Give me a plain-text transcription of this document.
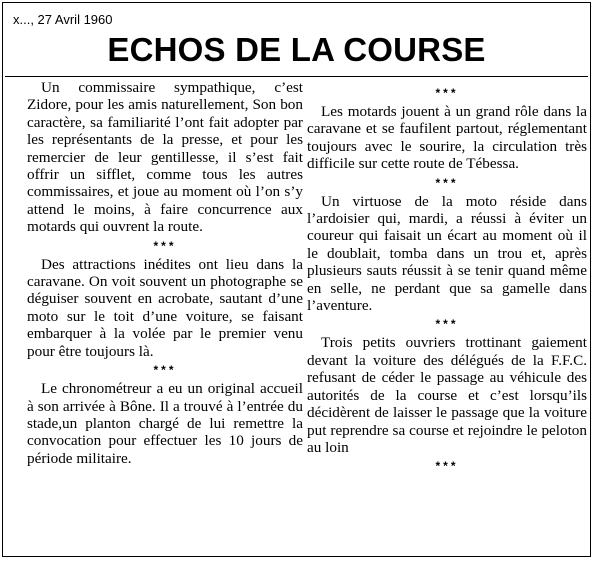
x..., 27 Avril 1960
ECHOS DE LA COURSE

Un commissaire sympathique, c’est Zidore, pour les amis naturellement, Son bon caractère, sa familiarité l’ont fait adopter par les représentants de la presse, et pour les remercier de leur gentillesse, il s’est fait offrir un sifflet, comme tous les autres commissaires, et joue au moment où l’on s’y attend le moins, à faire concurrence aux motards qui ouvrent la route.

***

Des attractions inédites ont lieu dans la caravane. On voit souvent un photographe se déguiser souvent en acrobate, sautant d’une moto sur le toit d’une voiture, se faisant embarquer à la volée par le premier venu pour être toujours là.

***

Le chronométreur a eu un original accueil à son arrivée à Bône. Il a trouvé à l’entrée du stade,un planton chargé de lui remettre la convocation pour effectuer les 10 jours de période militaire.

***

Les motards jouent à un grand rôle dans la caravane et se faufilent partout, réglementant toujours avec le sourire, la circulation très difficile sur cette route de Tébessa.

***

Un virtuose de la moto réside dans l’ardoisier qui, mardi, a réussi à éviter un coureur qui faisait un écart au moment où il le doublait, tomba dans un trou et, après plusieurs sauts réussit à se tenir quand même en selle, ne perdant que sa gamelle dans l’aventure.

***

Trois petits ouvriers trottinant gaiement devant la voiture des délégués de la F.F.C. refusant de céder le passage au véhicule des autorités de la course et c’est lorsqu’ils décidèrent de laisser le passage que la voiture put reprendre sa course et rejoindre le peloton au loin

***
